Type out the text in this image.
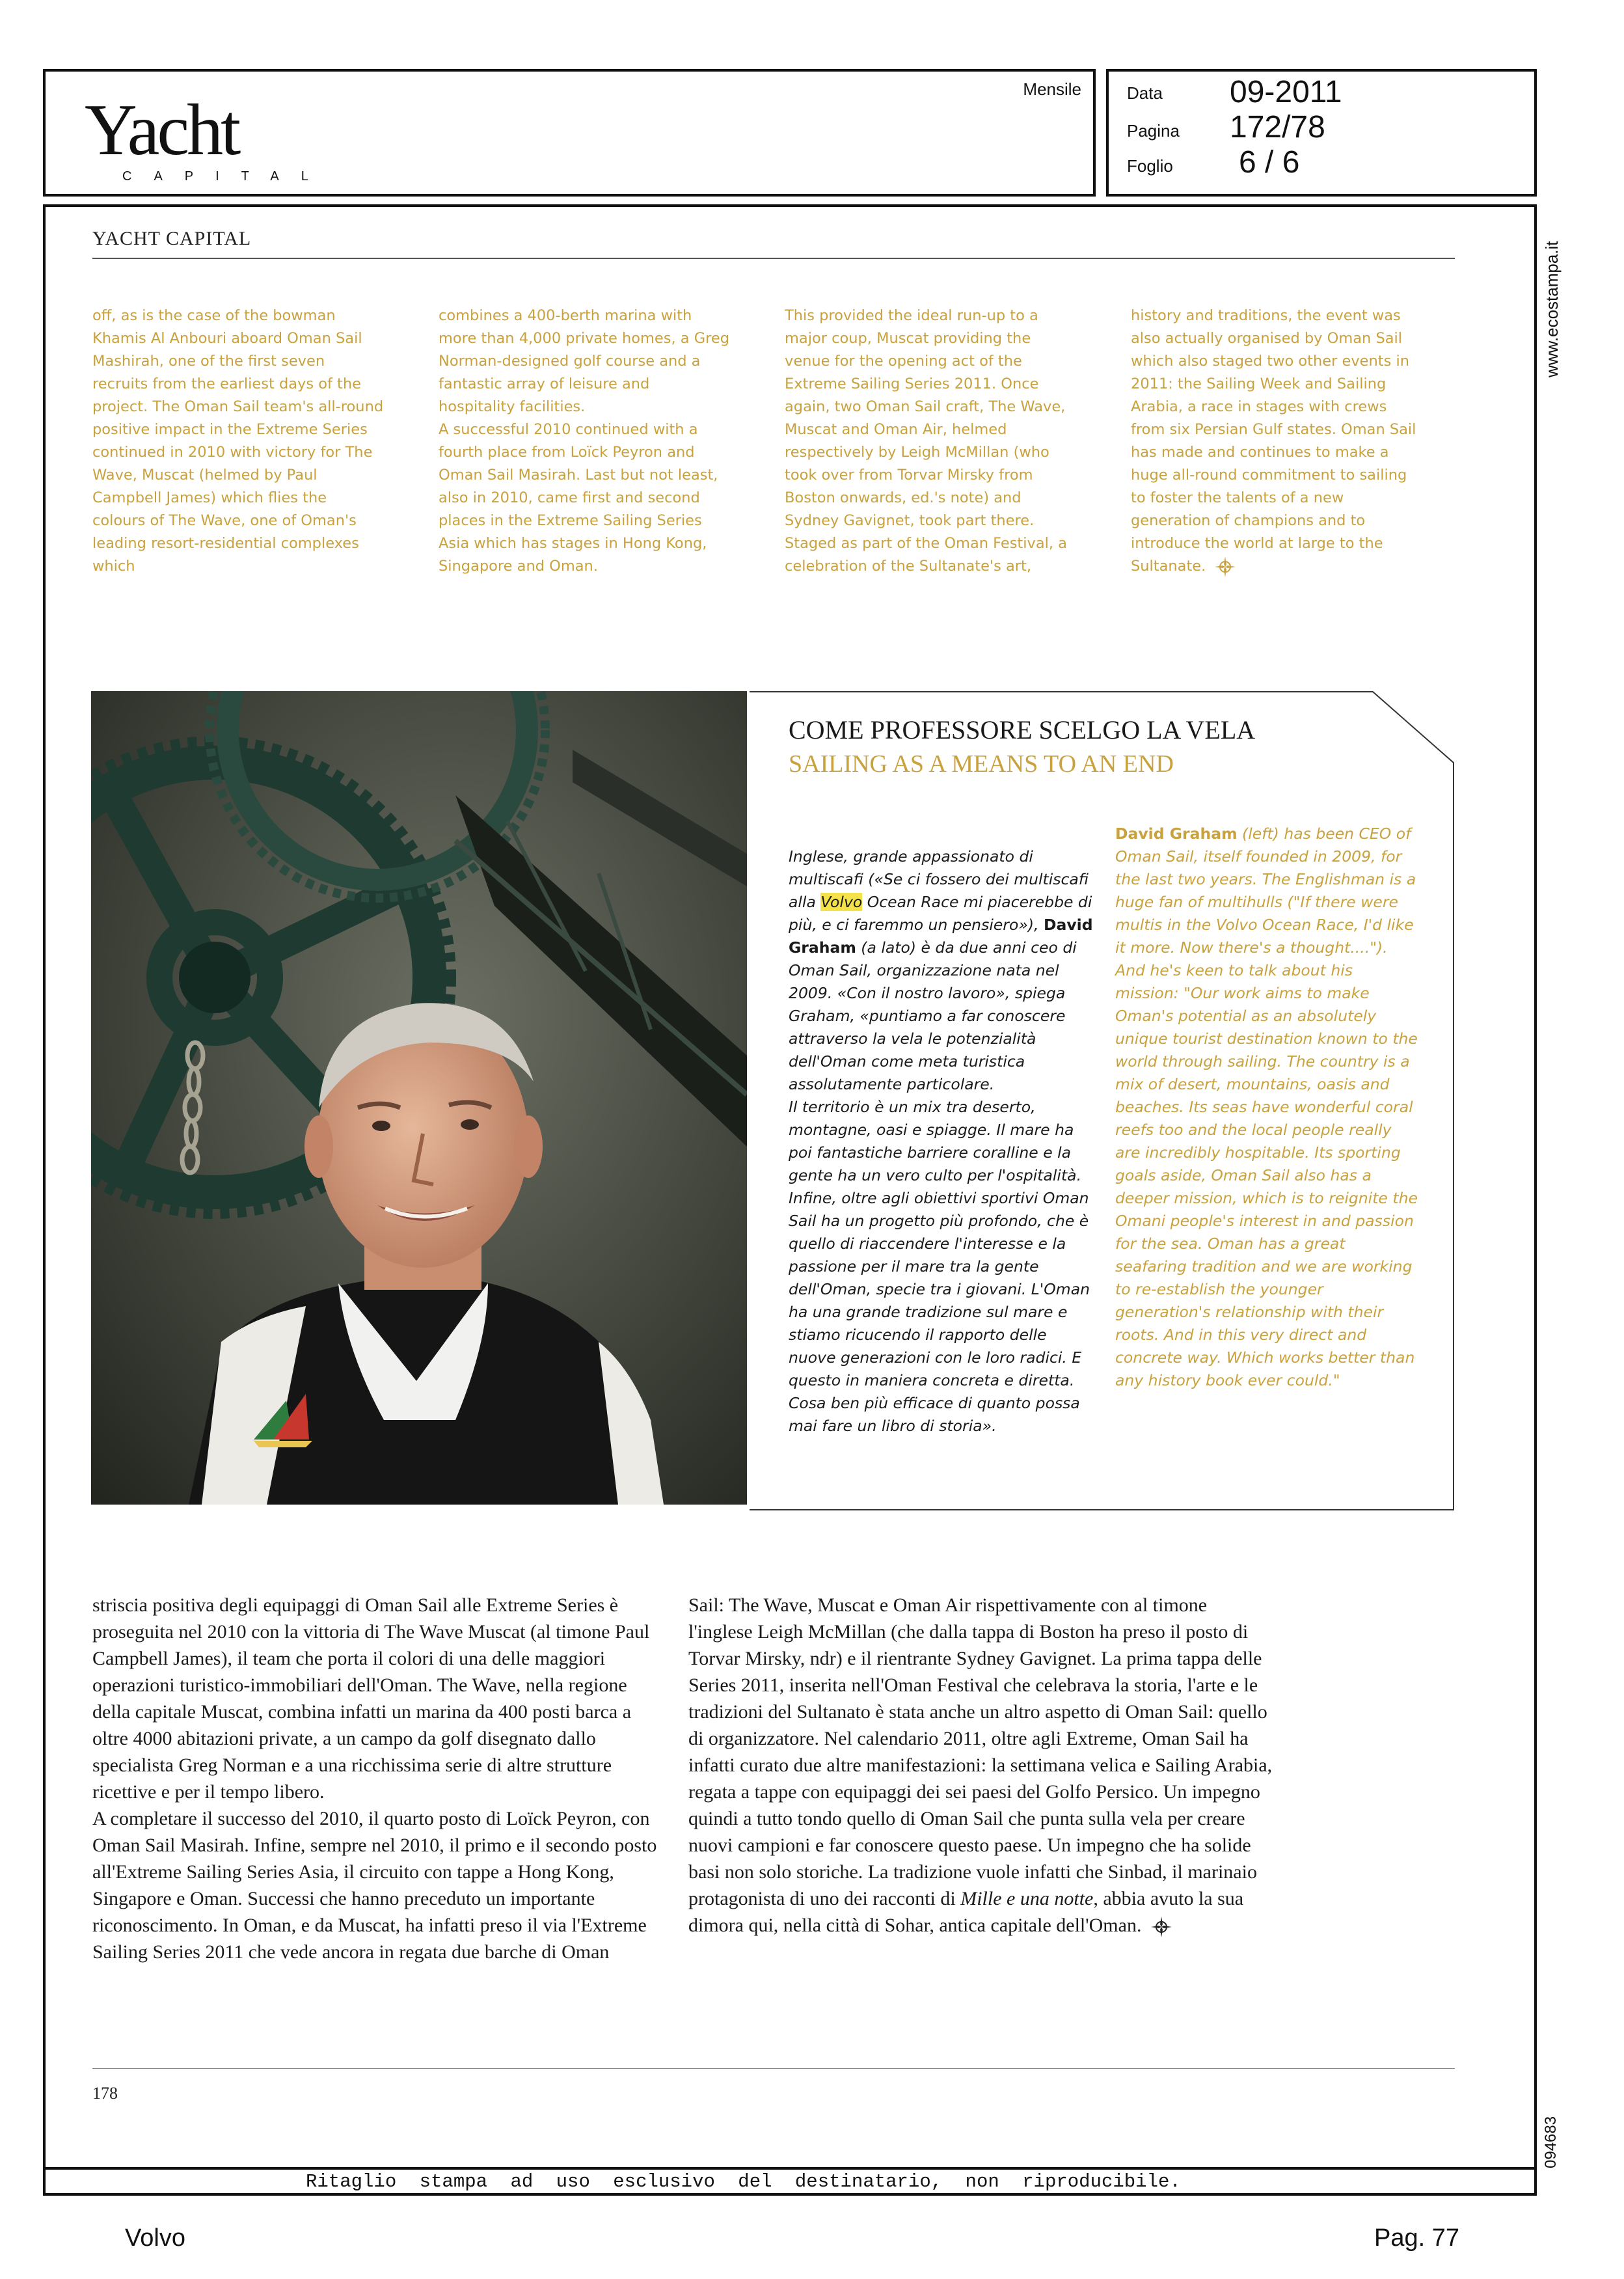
Yacht
CAPITAL
Mensile	Data 09-2011
Pagina 172/78
Foglio 6 / 6
www.ecostampa.it
094683
YACHT CAPITAL

off, as is the case of the bowman Khamis Al Anbouri aboard Oman Sail Mashirah, one of the first seven recruits from the earliest days of the project. The Oman Sail team's all-round positive impact in the Extreme Series continued in 2010 with victory for The Wave, Muscat (helmed by Paul Campbell James) which flies the colours of The Wave, one of Oman's leading resort-residential complexes which

combines a 400-berth marina with more than 4,000 private homes, a Greg Norman-designed golf course and a fantastic array of leisure and hospitality facilities.
A successful 2010 continued with a fourth place from Loïck Peyron and Oman Sail Masirah. Last but not least, also in 2010, came first and second places in the Extreme Sailing Series Asia which has stages in Hong Kong, Singapore and Oman.

This provided the ideal run-up to a major coup, Muscat providing the venue for the opening act of the Extreme Sailing Series 2011. Once again, two Oman Sail craft, The Wave, Muscat and Oman Air, helmed respectively by Leigh McMillan (who took over from Torvar Mirsky from Boston onwards, ed.'s note) and Sydney Gavignet, took part there. Staged as part of the Oman Festival, a celebration of the Sultanate's art,

history and traditions, the event was also actually organised by Oman Sail which also staged two other events in 2011: the Sailing Week and Sailing Arabia, a race in stages with crews from six Persian Gulf states. Oman Sail has made and continues to make a huge all-round commitment to sailing to foster the talents of a new generation of champions and to introduce the world at large to the Sultanate.

COME PROFESSORE SCELGO LA VELA
SAILING AS A MEANS TO AN END

Inglese, grande appassionato di multiscafi («Se ci fossero dei multiscafi alla Volvo Ocean Race mi piacerebbe di più, e ci faremmo un pensiero»), David Graham (a lato) è da due anni ceo di Oman Sail, organizzazione nata nel 2009. «Con il nostro lavoro», spiega Graham, «puntiamo a far conoscere attraverso la vela le potenzialità dell'Oman come meta turistica assolutamente particolare.
Il territorio è un mix tra deserto, montagne, oasi e spiagge. Il mare ha poi fantastiche barriere coralline e la gente ha un vero culto per l'ospitalità. Infine, oltre agli obiettivi sportivi Oman Sail ha un progetto più profondo, che è quello di riaccendere l'interesse e la passione per il mare tra la gente dell'Oman, specie tra i giovani. L'Oman ha una grande tradizione sul mare e stiamo ricucendo il rapporto delle nuove generazioni con le loro radici. E questo in maniera concreta e diretta. Cosa ben più efficace di quanto possa mai fare un libro di storia».

David Graham (left) has been CEO of Oman Sail, itself founded in 2009, for the last two years. The Englishman is a huge fan of multihulls ("If there were multis in the Volvo Ocean Race, I'd like it more. Now there's a thought...."). And he's keen to talk about his mission: "Our work aims to make Oman's potential as an absolutely unique tourist destination known to the world through sailing. The country is a mix of desert, mountains, oasis and beaches. Its seas have wonderful coral reefs too and the local people really are incredibly hospitable. Its sporting goals aside, Oman Sail also has a deeper mission, which is to reignite the Omani people's interest in and passion for the sea. Oman has a great seafaring tradition and we are working to re-establish the younger generation's relationship with their roots. And in this very direct and concrete way. Which works better than any history book ever could."

striscia positiva degli equipaggi di Oman Sail alle Extreme Series è proseguita nel 2010 con la vittoria di The Wave Muscat (al timone Paul Campbell James), il team che porta il colori di una delle maggiori operazioni turistico-immobiliari dell'Oman. The Wave, nella regione della capitale Muscat, combina infatti un marina da 400 posti barca a oltre 4000 abitazioni private, a un campo da golf disegnato dallo specialista Greg Norman e a una ricchissima serie di altre strutture ricettive e per il tempo libero.
A completare il successo del 2010, il quarto posto di Loïck Peyron, con Oman Sail Masirah. Infine, sempre nel 2010, il primo e il secondo posto all'Extreme Sailing Series Asia, il circuito con tappe a Hong Kong, Singapore e Oman. Successi che hanno preceduto un importante riconoscimento. In Oman, e da Muscat, ha infatti preso il via l'Extreme Sailing Series 2011 che vede ancora in regata due barche di Oman

Sail: The Wave, Muscat e Oman Air rispettivamente con al timone l'inglese Leigh McMillan (che dalla tappa di Boston ha preso il posto di Torvar Mirsky, ndr) e il rientrante Sydney Gavignet. La prima tappa delle Series 2011, inserita nell'Oman Festival che celebrava la storia, l'arte e le tradizioni del Sultanato è stata anche un altro aspetto di Oman Sail: quello di organizzatore. Nel calendario 2011, oltre agli Extreme, Oman Sail ha infatti curato due altre manifestazioni: la settimana velica e Sailing Arabia, regata a tappe con equipaggi dei sei paesi del Golfo Persico. Un impegno quindi a tutto tondo quello di Oman Sail che punta sulla vela per creare nuovi campioni e far conoscere questo paese. Un impegno che ha solide basi non solo storiche. La tradizione vuole infatti che Sinbad, il marinaio protagonista di uno dei racconti di Mille e una notte, abbia avuto la sua dimora qui, nella città di Sohar, antica capitale dell'Oman.

178
Ritaglio stampa ad uso esclusivo del destinatario, non riproducibile.
Volvo	Pag. 77
